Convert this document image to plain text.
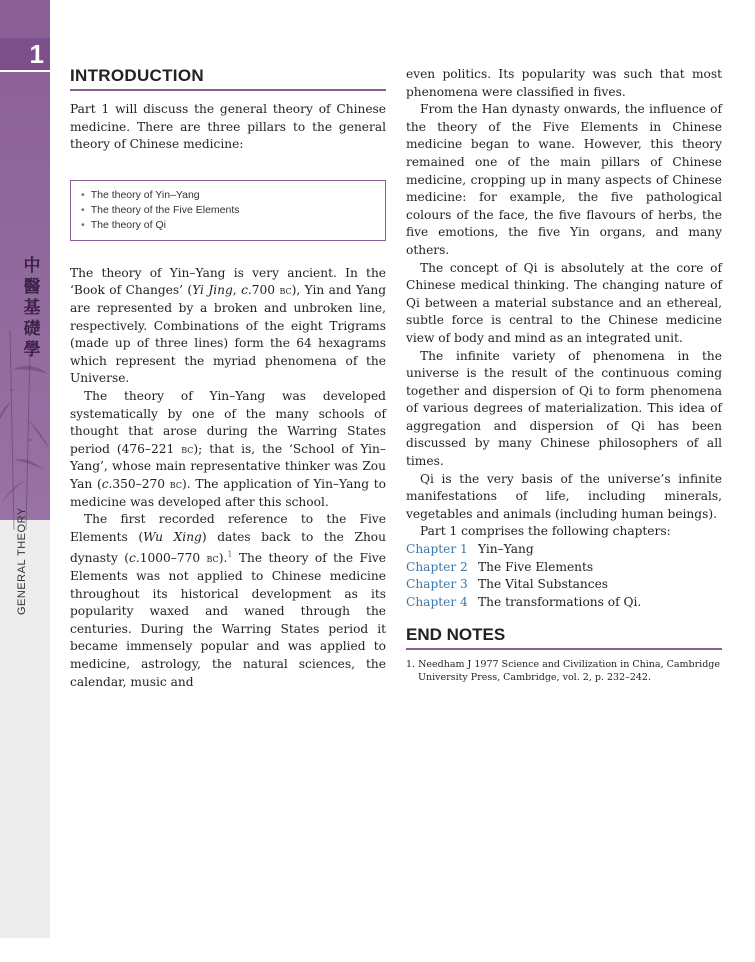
1
中醫基礎學
GENERAL THEORY
INTRODUCTION

Part 1 will discuss the general theory of Chinese medicine. There are three pillars to the general theory of Chinese medicine:

• The theory of Yin–Yang
• The theory of the Five Elements
• The theory of Qi

The theory of Yin–Yang is very ancient. In the ‘Book of Changes’ (Yi Jing, c.700 bc), Yin and Yang are represented by a broken and unbroken line, respectively. Combinations of the eight Trigrams (made up of three lines) form the 64 hexagrams which represent the myriad phenomena of the Universe.

The theory of Yin–Yang was developed systematically by one of the many schools of thought that arose during the Warring States period (476–221 bc); that is, the ‘School of Yin–Yang’, whose main representative thinker was Zou Yan (c.350–270 bc). The application of Yin–Yang to medicine was developed after this school.

The first recorded reference to the Five Elements (Wu Xing) dates back to the Zhou dynasty (c.1000–770 bc).$^1$ The theory of the Five Elements was not applied to Chinese medicine throughout its historical development as its popularity waxed and waned through the centuries. During the Warring States period it became immensely popular and was applied to medicine, astrology, the natural sciences, the calendar, music and

even politics. Its popularity was such that most phenomena were classified in fives.

From the Han dynasty onwards, the influence of the theory of the Five Elements in Chinese medicine began to wane. However, this theory remained one of the main pillars of Chinese medicine, cropping up in many aspects of Chinese medicine: for example, the five pathological colours of the face, the five flavours of herbs, the five emotions, the five Yin organs, and many others.

The concept of Qi is absolutely at the core of Chinese medical thinking. The changing nature of Qi between a material substance and an ethereal, subtle force is central to the Chinese medicine view of body and mind as an integrated unit.

The infinite variety of phenomena in the universe is the result of the continuous coming together and dispersion of Qi to form phenomena of various degrees of materialization. This idea of aggregation and dispersion of Qi has been discussed by many Chinese philosophers of all times.

Qi is the very basis of the universe’s infinite manifestations of life, including minerals, vegetables and animals (including human beings).

Part 1 comprises the following chapters:

Chapter 1 Yin–Yang
Chapter 2 The Five Elements
Chapter 3 The Vital Substances
Chapter 4 The transformations of Qi.
END NOTES

1. Needham J 1977 Science and Civilization in China, Cambridge University Press, Cambridge, vol. 2, p. 232–242.
